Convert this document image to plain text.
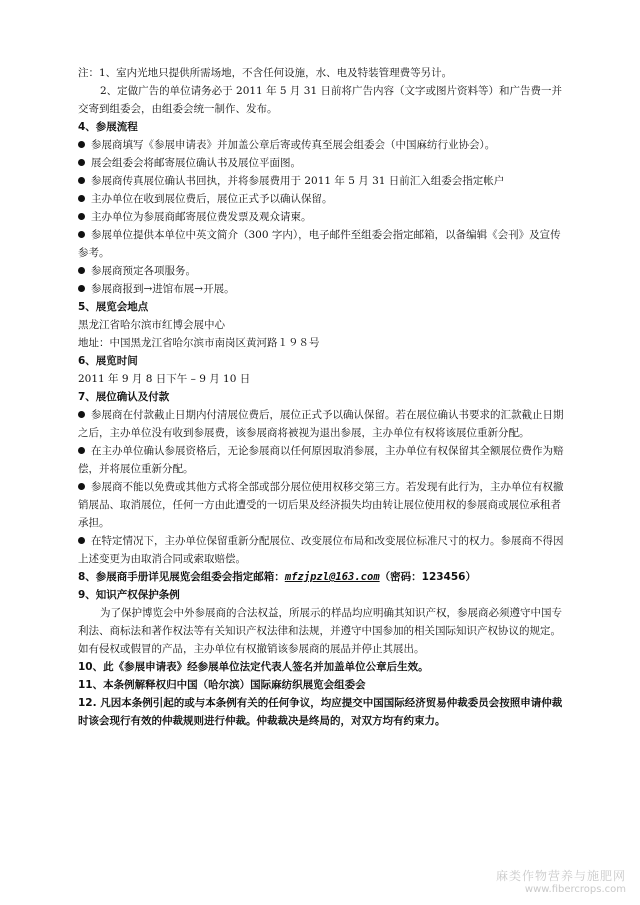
注：1、室内光地只提供所需场地，不含任何设施，水、电及特装管理费等另计。

2、定做广告的单位请务必于 2011 年 5 月 31 日前将广告内容（文字或图片资料等）和广告费一并交寄到组委会，由组委会统一制作、发布。

4、参展流程

参展商填写《参展申请表》并加盖公章后寄或传真至展会组委会（中国麻纺行业协会）。

展会组委会将邮寄展位确认书及展位平面图。

参展商传真展位确认书回执，并将参展费用于 2011 年 5 月 31 日前汇入组委会指定帐户

主办单位在收到展位费后，展位正式予以确认保留。

主办单位为参展商邮寄展位费发票及观众请柬。

参展单位提供本单位中英文简介（300 字内），电子邮件至组委会指定邮箱，以备编辑《会刊》及宣传参考。

参展商预定各项服务。

参展商报到→进馆布展→开展。

5、展览会地点

黑龙江省哈尔滨市红博会展中心

地址：中国黑龙江省哈尔滨市南岗区黄河路１９８号

6、展览时间

2011 年 9 月 8 日下午 – 9 月 10 日

7、展位确认及付款

参展商在付款截止日期内付清展位费后，展位正式予以确认保留。若在展位确认书要求的汇款截止日期之后，主办单位没有收到参展费，该参展商将被视为退出参展，主办单位有权将该展位重新分配。

在主办单位确认参展资格后，无论参展商以任何原因取消参展，主办单位有权保留其全额展位费作为赔偿，并将展位重新分配。

参展商不能以免费或其他方式将全部或部分展位使用权移交第三方。若发现有此行为，主办单位有权撤销展品、取消展位，任何一方由此遭受的一切后果及经济损失均由转让展位使用权的参展商或展位承租者承担。

在特定情况下，主办单位保留重新分配展位、改变展位布局和改变展位标准尺寸的权力。参展商不得因上述变更为由取消合同或索取赔偿。

8、参展商手册详见展览会组委会指定邮箱：mfzjpzl@163.com（密码：123456）

9、知识产权保护条例

为了保护博览会中外参展商的合法权益，所展示的样品均应明确其知识产权，参展商必须遵守中国专利法、商标法和著作权法等有关知识产权法律和法规，并遵守中国参加的相关国际知识产权协议的规定。如有侵权或假冒的产品，主办单位有权撤销该参展商的展品并停止其展出。

10、此《参展申请表》经参展单位法定代表人签名并加盖单位公章后生效。

11、本条例解释权归中国（哈尔滨）国际麻纺织展览会组委会

12. 凡因本条例引起的或与本条例有关的任何争议，均应提交中国国际经济贸易仲裁委员会按照申请仲裁时该会现行有效的仲裁规则进行仲裁。仲裁裁决是终局的，对双方均有约束力。

麻类作物营养与施肥网
www.fibercrops.com
